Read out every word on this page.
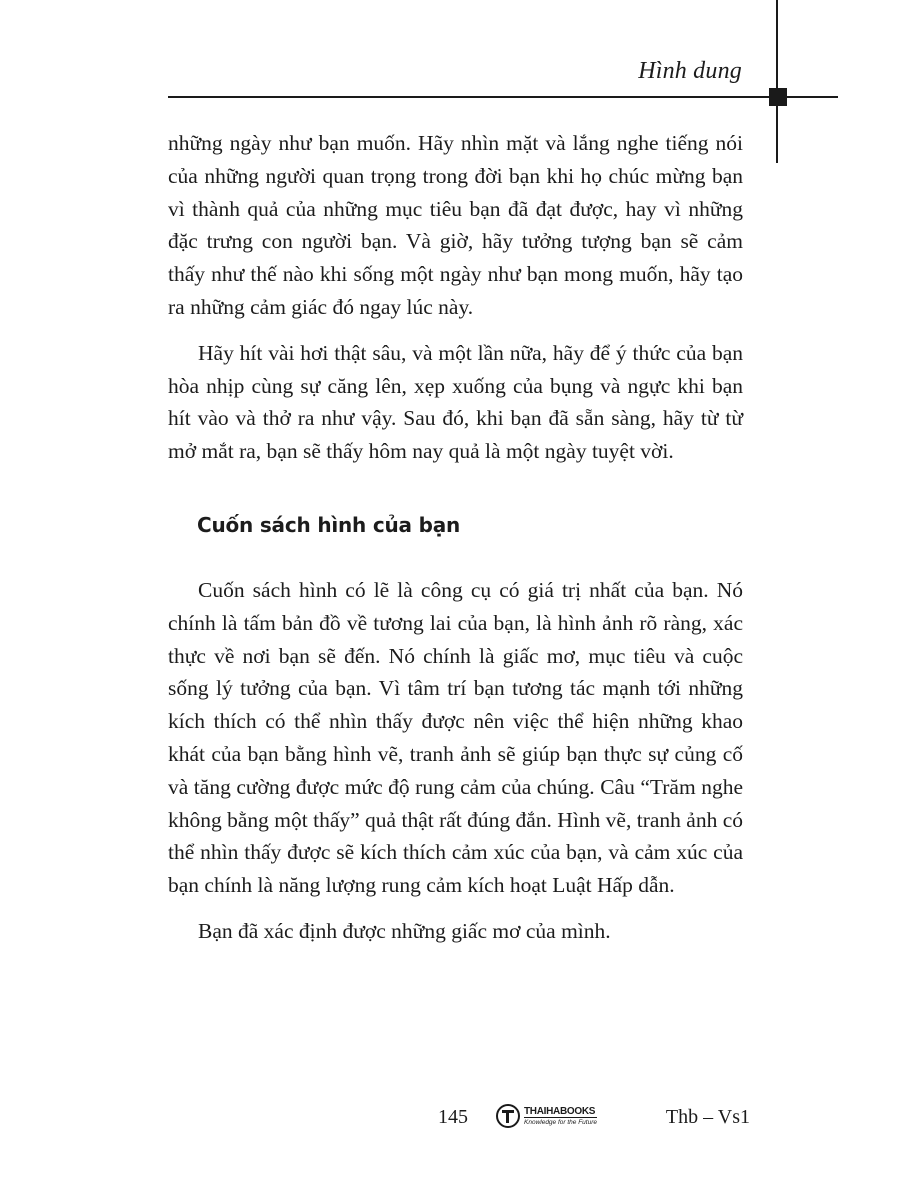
Hình dung

những ngày như bạn muốn. Hãy nhìn mặt và lắng nghe tiếng nói của những người quan trọng trong đời bạn khi họ chúc mừng bạn vì thành quả của những mục tiêu bạn đã đạt được, hay vì những đặc trưng con người bạn. Và giờ, hãy tưởng tượng bạn sẽ cảm thấy như thế nào khi sống một ngày như bạn mong muốn, hãy tạo ra những cảm giác đó ngay lúc này.

Hãy hít vài hơi thật sâu, và một lần nữa, hãy để ý thức của bạn hòa nhịp cùng sự căng lên, xẹp xuống của bụng và ngực khi bạn hít vào và thở ra như vậy. Sau đó, khi bạn đã sẵn sàng, hãy từ từ mở mắt ra, bạn sẽ thấy hôm nay quả là một ngày tuyệt vời.

Cuốn sách hình của bạn

Cuốn sách hình có lẽ là công cụ có giá trị nhất của bạn. Nó chính là tấm bản đồ về tương lai của bạn, là hình ảnh rõ ràng, xác thực về nơi bạn sẽ đến. Nó chính là giấc mơ, mục tiêu và cuộc sống lý tưởng của bạn. Vì tâm trí bạn tương tác mạnh tới những kích thích có thể nhìn thấy được nên việc thể hiện những khao khát của bạn bằng hình vẽ, tranh ảnh sẽ giúp bạn thực sự củng cố và tăng cường được mức độ rung cảm của chúng. Câu “Trăm nghe không bằng một thấy” quả thật rất đúng đắn. Hình vẽ, tranh ảnh có thể nhìn thấy được sẽ kích thích cảm xúc của bạn, và cảm xúc của bạn chính là năng lượng rung cảm kích hoạt Luật Hấp dẫn.

Bạn đã xác định được những giấc mơ của mình.

145	THAIHABOOKS
Knowledge for the Future	Thb – Vs1
